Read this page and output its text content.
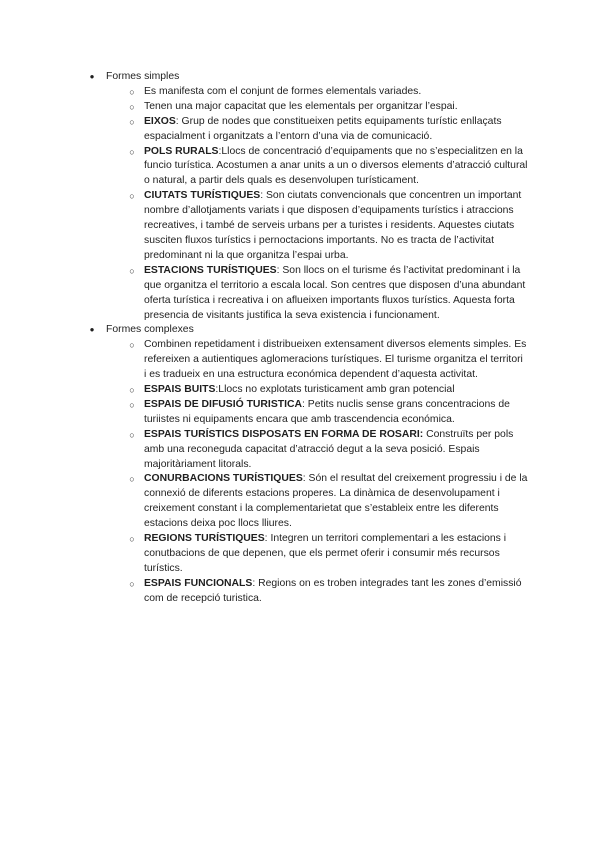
● Formes simples
○ Es manifesta com el conjunt de formes elementals variades.
○ Tenen una major capacitat que les elementals per organitzar l’espai.
○ EIXOS: Grup de nodes que constitueixen petits equipaments turístic enllaçats espacialment i organitzats a l’entorn d’una via de comunicació.
○ POLS RURALS:Llocs de concentració d’equipaments que no s’especialitzen en la funcio turística. Acostumen a anar units a un o diversos elements d’atracció cultural o natural, a partir dels quals es desenvolupen turísticament.
○ CIUTATS TURÍSTIQUES: Son ciutats convencionals que concentren un important nombre d’allotjaments variats i que disposen d’equipaments turístics i atraccions recreatives, i també de serveis urbans per a turistes i residents. Aquestes ciutats susciten fluxos turístics i pernoctacions importants. No es tracta de l’activitat predominant ni la que organitza l’espai urba.
○ ESTACIONS TURÍSTIQUES: Son llocs on el turisme és l’activitat predominant i la que organitza el territorio a escala local. Son centres que disposen d’una abundant oferta turística i recreativa i on aflueixen importants fluxos turístics. Aquesta forta presencia de visitants justifica la seva existencia i funcionament.
● Formes complexes
○ Combinen repetidament i distribueixen extensament diversos elements simples. Es refereixen a autientiques aglomeracions turístiques. El turisme organitza el territori i es tradueix en una estructura económica dependent d’aquesta activitat.
○ ESPAIS BUITS:Llocs no explotats turisticament amb gran potencial
○ ESPAIS DE DIFUSIÓ TURISTICA: Petits nuclis sense grans concentracions de turiistes ni equipaments encara que amb trascendencia económica.
○ ESPAIS TURÍSTICS DISPOSATS EN FORMA DE ROSARI: Construïts per pols amb una reconeguda capacitat d’atracció degut a la seva posició. Espais majoritàriament litorals.
○ CONURBACIONS TURÍSTIQUES: Són el resultat del creixement progressiu i de la connexió de diferents estacions properes. La dinàmica de desenvolupament i creixement constant i la complementarietat que s’estableix entre les diferents estacions deixa poc llocs lliures.
○ REGIONS TURÍSTIQUES: Integren un territori complementari a les estacions i conutbacions de que depenen, que els permet oferir i consumir més recursos turístics.
○ ESPAIS FUNCIONALS: Regions on es troben integrades tant les zones d’emissió com de recepció turistica.
